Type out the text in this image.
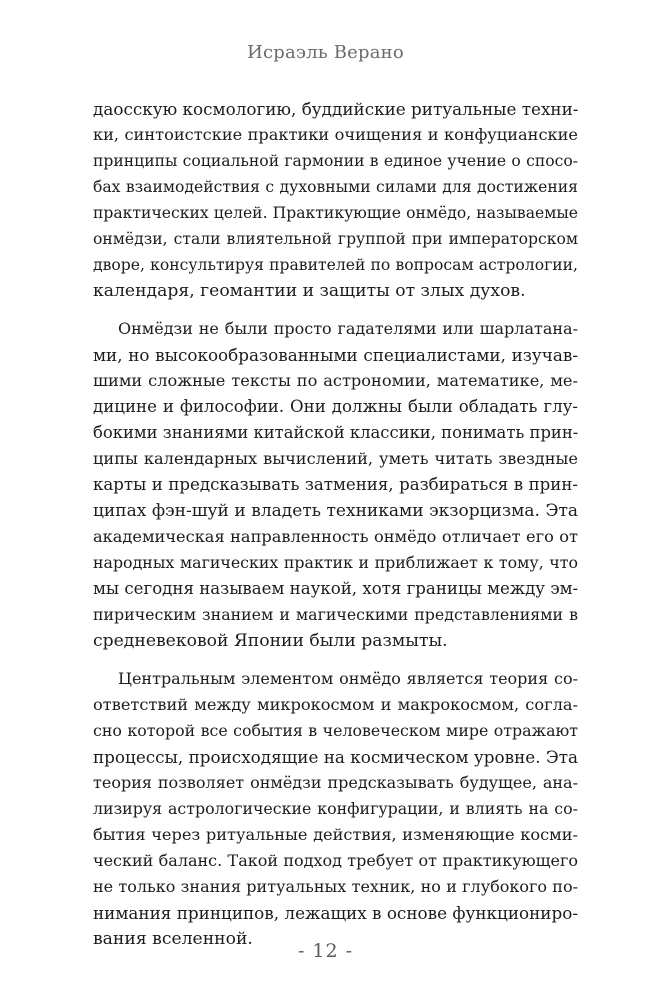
Исраэль Верано
даосскую космологию, буддийские ритуальные техни-
ки, синтоистские практики очищения и конфуцианские
принципы социальной гармонии в единое учение о спосо-
бах взаимодействия с духовными силами для достижения
практических целей. Практикующие онмёдо, называемые
онмёдзи, стали влиятельной группой при императорском
дворе, консультируя правителей по вопросам астрологии,
календаря, геомантии и защиты от злых духов.
Онмёдзи не были просто гадателями или шарлатана-
ми, но высокообразованными специалистами, изучав-
шими сложные тексты по астрономии, математике, ме-
дицине и философии. Они должны были обладать глу-
бокими знаниями китайской классики, понимать прин-
ципы календарных вычислений, уметь читать звездные
карты и предсказывать затмения, разбираться в прин-
ципах фэн-шуй и владеть техниками экзорцизма. Эта
академическая направленность онмёдо отличает его от
народных магических практик и приближает к тому, что
мы сегодня называем наукой, хотя границы между эм-
пирическим знанием и магическими представлениями в
средневековой Японии были размыты.
Центральным элементом онмёдо является теория со-
ответствий между микрокосмом и макрокосмом, согла-
сно которой все события в человеческом мире отражают
процессы, происходящие на космическом уровне. Эта
теория позволяет онмёдзи предсказывать будущее, ана-
лизируя астрологические конфигурации, и влиять на со-
бытия через ритуальные действия, изменяющие косми-
ческий баланс. Такой подход требует от практикующего
не только знания ритуальных техник, но и глубокого по-
нимания принципов, лежащих в основе функциониро-
вания вселенной.
- 12 -
